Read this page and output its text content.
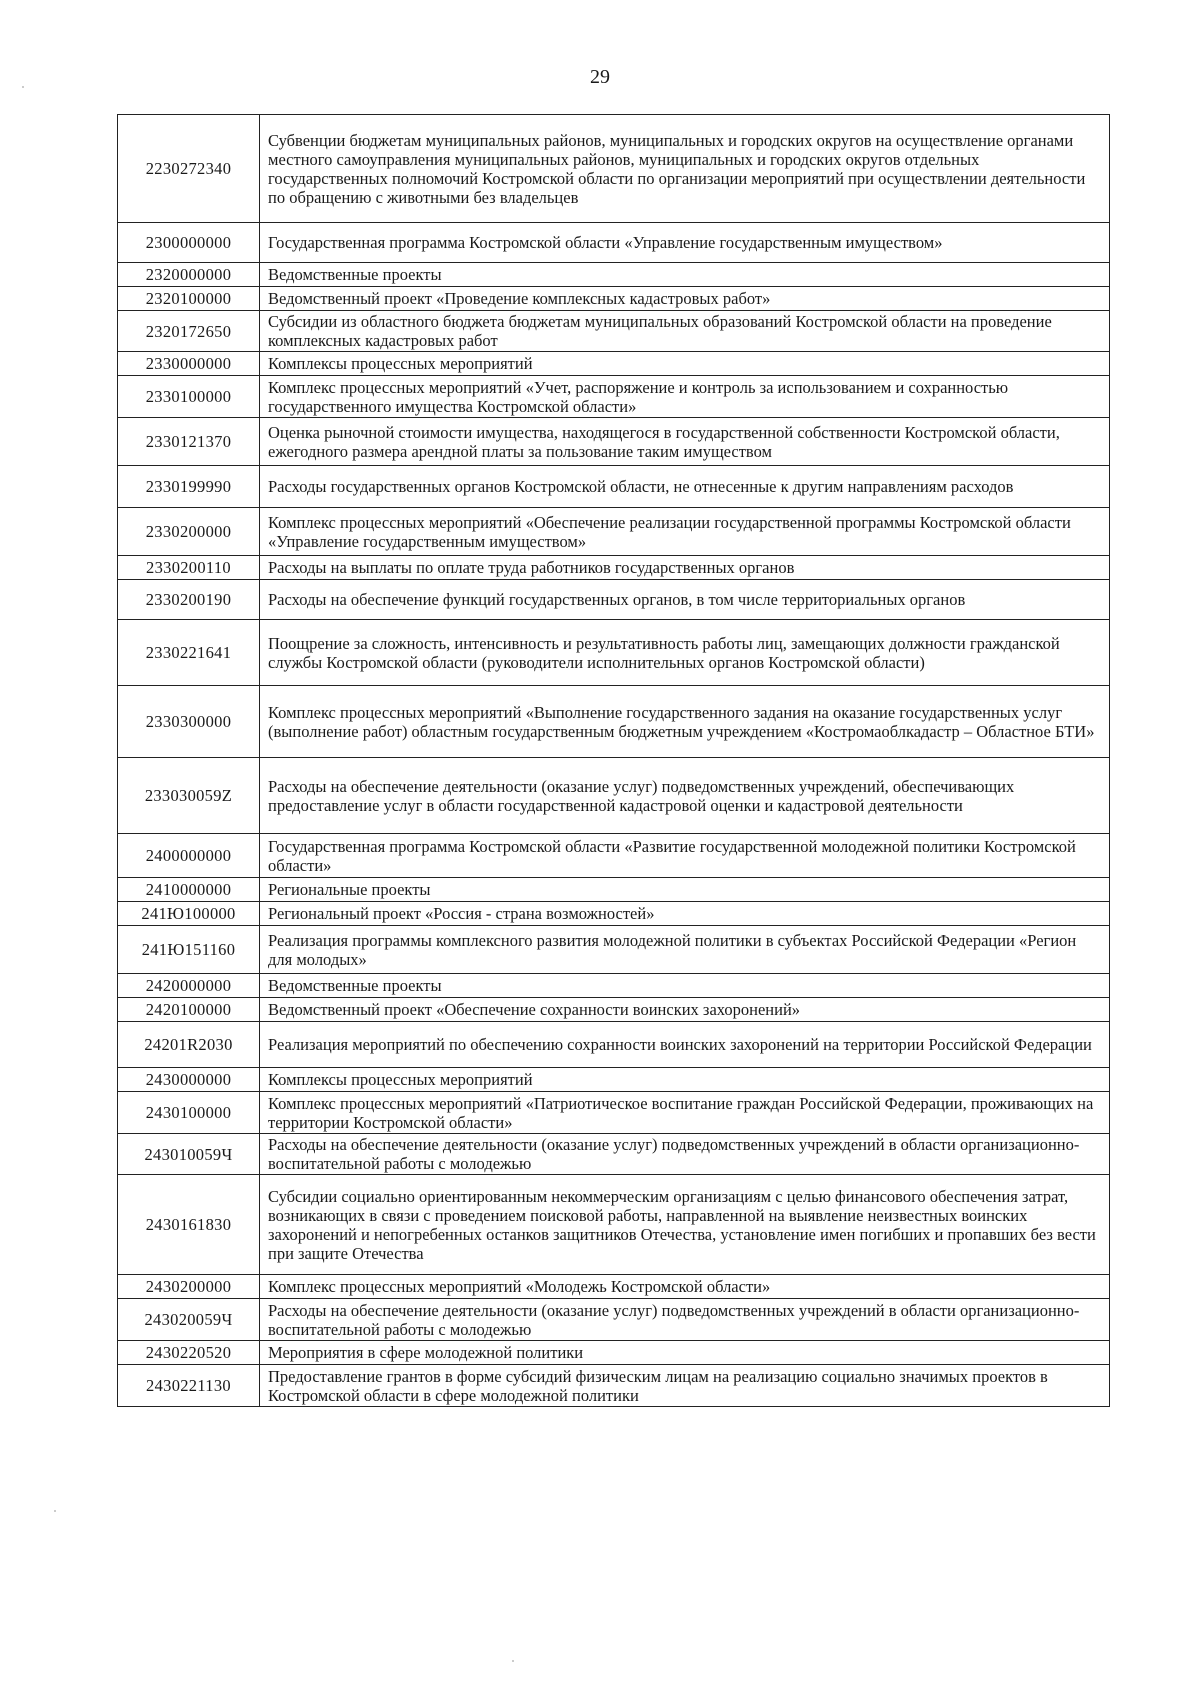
29
2230272340	Субвенции бюджетам муниципальных районов, муниципальных и городских округов на осуществление органами местного самоуправления муниципальных районов, муниципальных и городских округов отдельных государственных полномочий Костромской области по организации мероприятий при осуществлении деятельности по обращению с животными без владельцев
2300000000	Государственная программа Костромской области «Управление государственным имуществом»
2320000000	Ведомственные проекты
2320100000	Ведомственный проект «Проведение комплексных кадастровых работ»
2320172650	Субсидии из областного бюджета бюджетам муниципальных образований Костромской области на проведение комплексных кадастровых работ
2330000000	Комплексы процессных мероприятий
2330100000	Комплекс процессных мероприятий «Учет, распоряжение и контроль за использованием и сохранностью государственного имущества Костромской области»
2330121370	Оценка рыночной стоимости имущества, находящегося в государственной собственности Костромской области, ежегодного размера арендной платы за пользование таким имуществом
2330199990	Расходы государственных органов Костромской области, не отнесенные к другим направлениям расходов
2330200000	Комплекс процессных мероприятий «Обеспечение реализации государственной программы Костромской области «Управление государственным имуществом»
2330200110	Расходы на выплаты по оплате труда работников государственных органов
2330200190	Расходы на обеспечение функций государственных органов, в том числе территориальных органов
2330221641	Поощрение за сложность, интенсивность и результативность работы лиц, замещающих должности гражданской службы Костромской области (руководители исполнительных органов Костромской области)
2330300000	Комплекс процессных мероприятий «Выполнение государственного задания на оказание государственных услуг (выполнение работ) областным государственным бюджетным учреждением «Костромаоблкадастр – Областное БТИ»
233030059Z	Расходы на обеспечение деятельности (оказание услуг) подведомственных учреждений, обеспечивающих предоставление услуг в области государственной кадастровой оценки и кадастровой деятельности
2400000000	Государственная программа Костромской области «Развитие государственной молодежной политики Костромской области»
2410000000	Региональные проекты
241Ю100000	Региональный проект «Россия - страна возможностей»
241Ю151160	Реализация программы комплексного развития молодежной политики в субъектах Российской Федерации «Регион для молодых»
2420000000	Ведомственные проекты
2420100000	Ведомственный проект «Обеспечение сохранности воинских захоронений»
24201R2030	Реализация мероприятий по обеспечению сохранности воинских захоронений на территории Российской Федерации
2430000000	Комплексы процессных мероприятий
2430100000	Комплекс процессных мероприятий «Патриотическое воспитание граждан Российской Федерации, проживающих на территории Костромской области»
243010059Ч	Расходы на обеспечение деятельности (оказание услуг) подведомственных учреждений в области организационно-воспитательной работы с молодежью
2430161830	Субсидии социально ориентированным некоммерческим организациям с целью финансового обеспечения затрат, возникающих в связи с проведением поисковой работы, направленной на выявление неизвестных воинских захоронений и непогребенных останков защитников Отечества, установление имен погибших и пропавших без вести при защите Отечества
2430200000	Комплекс процессных мероприятий «Молодежь Костромской области»
243020059Ч	Расходы на обеспечение деятельности (оказание услуг) подведомственных учреждений в области организационно-воспитательной работы с молодежью
2430220520	Мероприятия в сфере молодежной политики
2430221130	Предоставление грантов в форме субсидий физическим лицам на реализацию социально значимых проектов в Костромской области в сфере молодежной политики
